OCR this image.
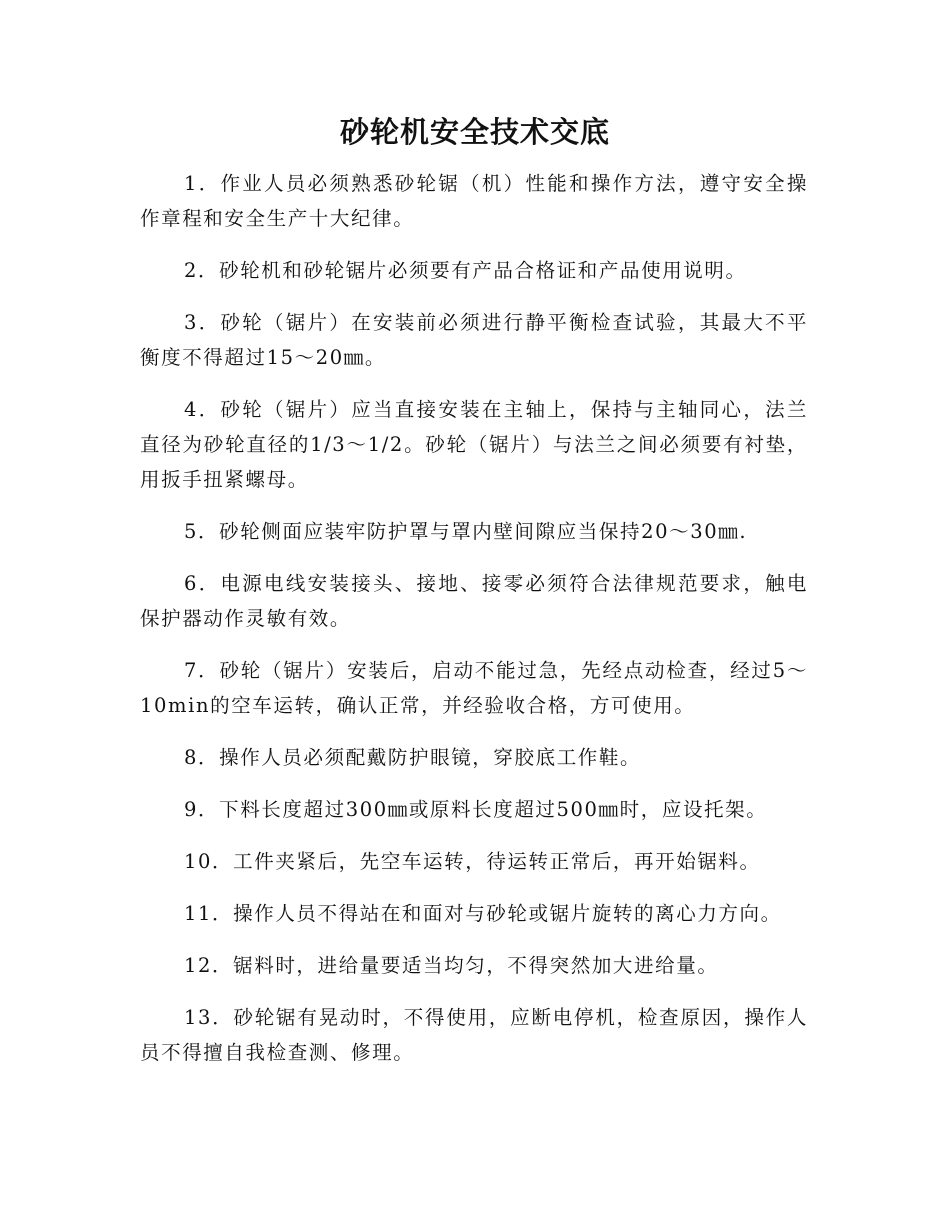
砂轮机安全技术交底

1．作业人员必须熟悉砂轮锯（机）性能和操作方法，遵守安全操作章程和安全生产十大纪律。

2．砂轮机和砂轮锯片必须要有产品合格证和产品使用说明。

3．砂轮（锯片）在安装前必须进行静平衡检查试验，其最大不平衡度不得超过15～20㎜。

4．砂轮（锯片）应当直接安装在主轴上，保持与主轴同心，法兰直径为砂轮直径的1/3～1/2。砂轮（锯片）与法兰之间必须要有衬垫，用扳手扭紧螺母。

5．砂轮侧面应装牢防护罩与罩内壁间隙应当保持20～30㎜.

6．电源电线安装接头、接地、接零必须符合法律规范要求，触电保护器动作灵敏有效。

7．砂轮（锯片）安装后，启动不能过急，先经点动检查，经过5～10min的空车运转，确认正常，并经验收合格，方可使用。

8．操作人员必须配戴防护眼镜，穿胶底工作鞋。

9．下料长度超过300㎜或原料长度超过500㎜时，应设托架。

10．工件夹紧后，先空车运转，待运转正常后，再开始锯料。

11．操作人员不得站在和面对与砂轮或锯片旋转的离心力方向。

12．锯料时，进给量要适当均匀，不得突然加大进给量。

13．砂轮锯有晃动时，不得使用，应断电停机，检查原因，操作人员不得擅自我检查测、修理。
